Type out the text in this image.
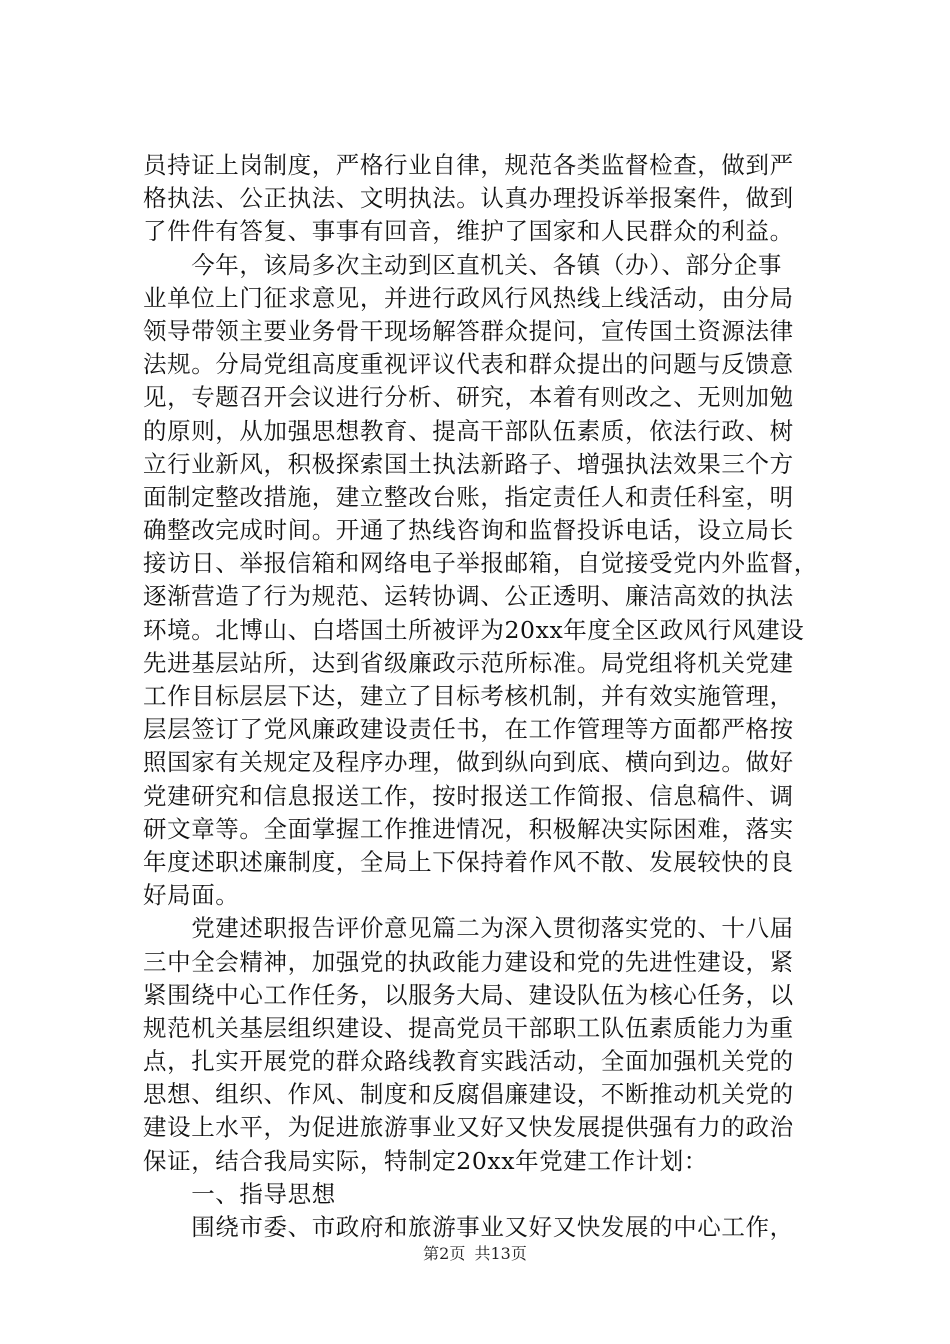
员持证上岗制度，严格行业自律，规范各类监督检查，做到严
格执法、公正执法、文明执法。认真办理投诉举报案件，做到
了件件有答复、事事有回音，维护了国家和人民群众的利益。
　　今年，该局多次主动到区直机关、各镇（办）、部分企事
业单位上门征求意见，并进行政风行风热线上线活动，由分局
领导带领主要业务骨干现场解答群众提问，宣传国土资源法律
法规。分局党组高度重视评议代表和群众提出的问题与反馈意
见，专题召开会议进行分析、研究，本着有则改之、无则加勉
的原则，从加强思想教育、提高干部队伍素质，依法行政、树
立行业新风，积极探索国土执法新路子、增强执法效果三个方
面制定整改措施，建立整改台账，指定责任人和责任科室，明
确整改完成时间。开通了热线咨询和监督投诉电话，设立局长
接访日、举报信箱和网络电子举报邮箱，自觉接受党内外监督，
逐渐营造了行为规范、运转协调、公正透明、廉洁高效的执法
环境。北博山、白塔国土所被评为20xx年度全区政风行风建设
先进基层站所，达到省级廉政示范所标准。局党组将机关党建
工作目标层层下达，建立了目标考核机制，并有效实施管理，
层层签订了党风廉政建设责任书，在工作管理等方面都严格按
照国家有关规定及程序办理，做到纵向到底、横向到边。做好
党建研究和信息报送工作，按时报送工作简报、信息稿件、调
研文章等。全面掌握工作推进情况，积极解决实际困难，落实
年度述职述廉制度，全局上下保持着作风不散、发展较快的良
好局面。
　　党建述职报告评价意见篇二为深入贯彻落实党的、十八届
三中全会精神，加强党的执政能力建设和党的先进性建设，紧
紧围绕中心工作任务，以服务大局、建设队伍为核心任务，以
规范机关基层组织建设、提高党员干部职工队伍素质能力为重
点，扎实开展党的群众路线教育实践活动，全面加强机关党的
思想、组织、作风、制度和反腐倡廉建设，不断推动机关党的
建设上水平，为促进旅游事业又好又快发展提供强有力的政治
保证，结合我局实际，特制定20xx年党建工作计划：
　　一、指导思想
　　围绕市委、市政府和旅游事业又好又快发展的中心工作，
第2页 共13页
